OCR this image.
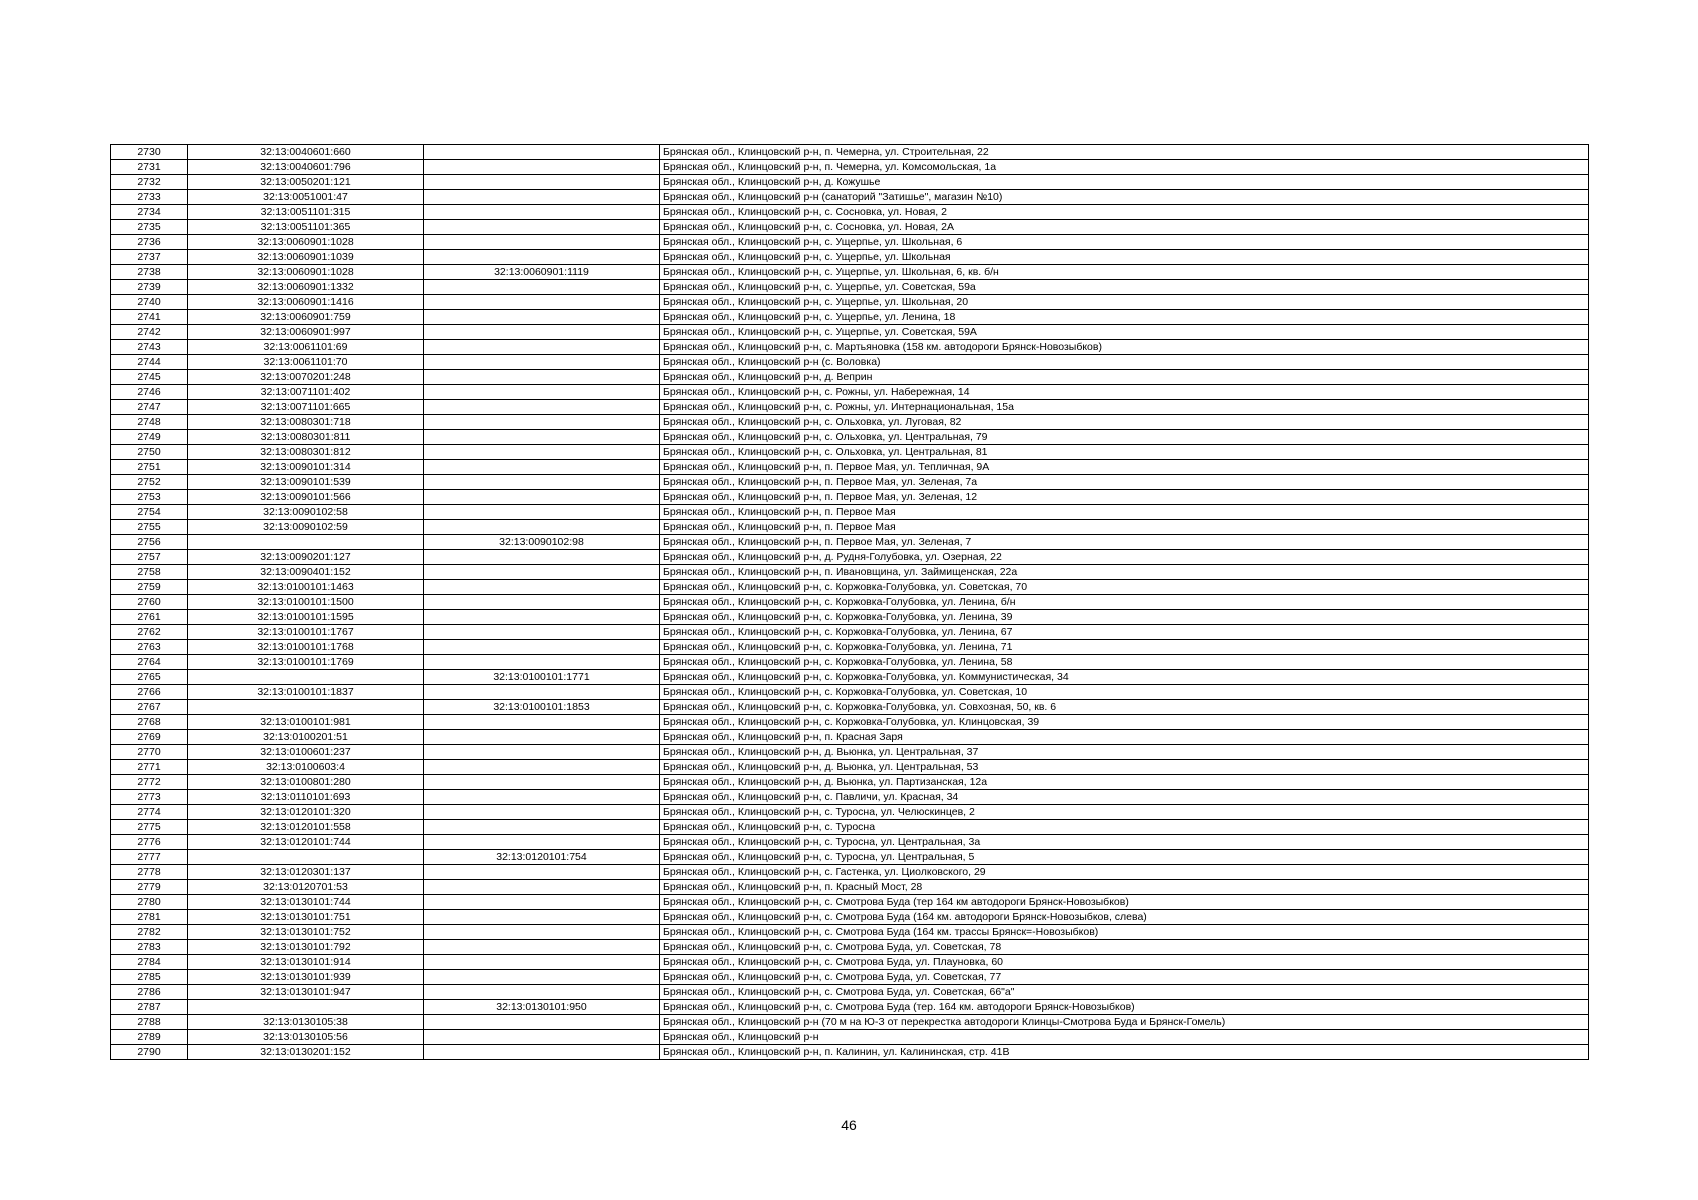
2730	32:13:0040601:660		Брянская обл., Клинцовский р-н, п. Чемерна, ул. Строительная, 22
2731	32:13:0040601:796		Брянская обл., Клинцовский р-н, п. Чемерна, ул. Комсомольская, 1а
2732	32:13:0050201:121		Брянская обл., Клинцовский р-н, д. Кожушье
2733	32:13:0051001:47		Брянская обл., Клинцовский р-н (санаторий "Затишье", магазин №10)
2734	32:13:0051101:315		Брянская обл., Клинцовский р-н, с. Сосновка, ул. Новая, 2
2735	32:13:0051101:365		Брянская обл., Клинцовский р-н, с. Сосновка, ул. Новая, 2А
2736	32:13:0060901:1028		Брянская обл., Клинцовский р-н, с. Ущерпье, ул. Школьная, 6
2737	32:13:0060901:1039		Брянская обл., Клинцовский р-н, с. Ущерпье, ул. Школьная
2738	32:13:0060901:1028	32:13:0060901:1119	Брянская обл., Клинцовский р-н, с. Ущерпье, ул. Школьная, 6, кв. б/н
2739	32:13:0060901:1332		Брянская обл., Клинцовский р-н, с. Ущерпье, ул. Советская, 59а
2740	32:13:0060901:1416		Брянская обл., Клинцовский р-н, с. Ущерпье, ул. Школьная, 20
2741	32:13:0060901:759		Брянская обл., Клинцовский р-н, с. Ущерпье, ул. Ленина, 18
2742	32:13:0060901:997		Брянская обл., Клинцовский р-н, с. Ущерпье, ул. Советская, 59А
2743	32:13:0061101:69		Брянская обл., Клинцовский р-н, с. Мартьяновка (158 км. автодороги Брянск-Новозыбков)
2744	32:13:0061101:70		Брянская обл., Клинцовский р-н (с. Воловка)
2745	32:13:0070201:248		Брянская обл., Клинцовский р-н, д. Веприн
2746	32:13:0071101:402		Брянская обл., Клинцовский р-н, с. Рожны, ул. Набережная, 14
2747	32:13:0071101:665		Брянская обл., Клинцовский р-н, с. Рожны, ул. Интернациональная, 15а
2748	32:13:0080301:718		Брянская обл., Клинцовский р-н, с. Ольховка, ул. Луговая, 82
2749	32:13:0080301:811		Брянская обл., Клинцовский р-н, с. Ольховка, ул. Центральная, 79
2750	32:13:0080301:812		Брянская обл., Клинцовский р-н, с. Ольховка, ул. Центральная, 81
2751	32:13:0090101:314		Брянская обл., Клинцовский р-н, п. Первое Мая, ул. Тепличная, 9А
2752	32:13:0090101:539		Брянская обл., Клинцовский р-н, п. Первое Мая, ул. Зеленая, 7а
2753	32:13:0090101:566		Брянская обл., Клинцовский р-н, п. Первое Мая, ул. Зеленая, 12
2754	32:13:0090102:58		Брянская обл., Клинцовский р-н, п. Первое Мая
2755	32:13:0090102:59		Брянская обл., Клинцовский р-н, п. Первое Мая
2756		32:13:0090102:98	Брянская обл., Клинцовский р-н, п. Первое Мая, ул. Зеленая, 7
2757	32:13:0090201:127		Брянская обл., Клинцовский р-н, д. Рудня-Голубовка, ул. Озерная, 22
2758	32:13:0090401:152		Брянская обл., Клинцовский р-н, п. Ивановщина, ул. Займищенская, 22а
2759	32:13:0100101:1463		Брянская обл., Клинцовский р-н, с. Коржовка-Голубовка, ул. Советская, 70
2760	32:13:0100101:1500		Брянская обл., Клинцовский р-н, с. Коржовка-Голубовка, ул. Ленина, б/н
2761	32:13:0100101:1595		Брянская обл., Клинцовский р-н, с. Коржовка-Голубовка, ул. Ленина, 39
2762	32:13:0100101:1767		Брянская обл., Клинцовский р-н, с. Коржовка-Голубовка, ул. Ленина, 67
2763	32:13:0100101:1768		Брянская обл., Клинцовский р-н, с. Коржовка-Голубовка, ул. Ленина, 71
2764	32:13:0100101:1769		Брянская обл., Клинцовский р-н, с. Коржовка-Голубовка, ул. Ленина, 58
2765		32:13:0100101:1771	Брянская обл., Клинцовский р-н, с. Коржовка-Голубовка, ул. Коммунистическая, 34
2766	32:13:0100101:1837		Брянская обл., Клинцовский р-н, с. Коржовка-Голубовка, ул. Советская, 10
2767		32:13:0100101:1853	Брянская обл., Клинцовский р-н, с. Коржовка-Голубовка, ул. Совхозная, 50, кв. 6
2768	32:13:0100101:981		Брянская обл., Клинцовский р-н, с. Коржовка-Голубовка, ул. Клинцовская, 39
2769	32:13:0100201:51		Брянская обл., Клинцовский р-н, п. Красная Заря
2770	32:13:0100601:237		Брянская обл., Клинцовский р-н, д. Вьюнка, ул. Центральная, 37
2771	32:13:0100603:4		Брянская обл., Клинцовский р-н, д. Вьюнка, ул. Центральная, 53
2772	32:13:0100801:280		Брянская обл., Клинцовский р-н, д. Вьюнка, ул. Партизанская, 12а
2773	32:13:0110101:693		Брянская обл., Клинцовский р-н, с. Павличи, ул. Красная, 34
2774	32:13:0120101:320		Брянская обл., Клинцовский р-н, с. Туросна, ул. Челюскинцев, 2
2775	32:13:0120101:558		Брянская обл., Клинцовский р-н, с. Туросна
2776	32:13:0120101:744		Брянская обл., Клинцовский р-н, с. Туросна, ул. Центральная, 3а
2777		32:13:0120101:754	Брянская обл., Клинцовский р-н, с. Туросна, ул. Центральная, 5
2778	32:13:0120301:137		Брянская обл., Клинцовский р-н, с. Гастенка, ул. Циолковского, 29
2779	32:13:0120701:53		Брянская обл., Клинцовский р-н, п. Красный Мост, 28
2780	32:13:0130101:744		Брянская обл., Клинцовский р-н, с. Смотрова Буда (тер 164 км автодороги Брянск-Новозыбков)
2781	32:13:0130101:751		Брянская обл., Клинцовский р-н, с. Смотрова Буда (164 км. автодороги Брянск-Новозыбков, слева)
2782	32:13:0130101:752		Брянская обл., Клинцовский р-н, с. Смотрова Буда (164 км. трассы Брянск=-Новозыбков)
2783	32:13:0130101:792		Брянская обл., Клинцовский р-н, с. Смотрова Буда, ул. Советская, 78
2784	32:13:0130101:914		Брянская обл., Клинцовский р-н, с. Смотрова Буда, ул. Плауновка, 60
2785	32:13:0130101:939		Брянская обл., Клинцовский р-н, с. Смотрова Буда, ул. Советская, 77
2786	32:13:0130101:947		Брянская обл., Клинцовский р-н, с. Смотрова Буда, ул. Советская, 66"а"
2787		32:13:0130101:950	Брянская обл., Клинцовский р-н, с. Смотрова Буда (тер. 164 км. автодороги Брянск-Новозыбков)
2788	32:13:0130105:38		Брянская обл., Клинцовский р-н (70 м на Ю-З от перекрестка автодороги Клинцы-Смотрова Буда и Брянск-Гомель)
2789	32:13:0130105:56		Брянская обл., Клинцовский р-н
2790	32:13:0130201:152		Брянская обл., Клинцовский р-н, п. Калинин, ул. Калининская, стр. 41В
46
